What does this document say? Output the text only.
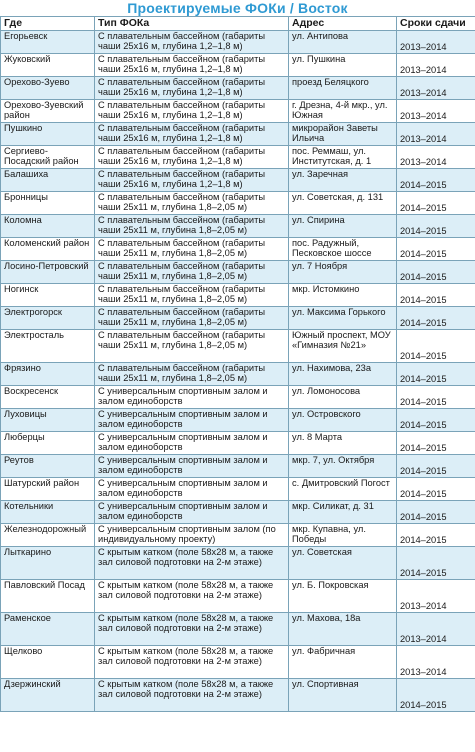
Проектируемые ФОКи / Восток
Где	Тип ФОКа	Адрес	Сроки сдачи
Егорьевск	С плавательным бассейном (габариты чаши 25х16 м, глубина 1,2–1,8 м)	ул. Антипова	2013–2014
Жуковский	С плавательным бассейном (габариты чаши 25х16 м, глубина 1,2–1,8 м)	ул. Пушкина	2013–2014
Орехово-Зуево	С плавательным бассейном (габариты чаши 25х16 м, глубина 1,2–1,8 м)	проезд Беляцкого	2013–2014
Орехово-Зуевский район	С плавательным бассейном (габариты чаши 25х16 м, глубина 1,2–1,8 м)	г. Дрезна, 4-й мкр., ул. Южная	2013–2014
Пушкино	С плавательным бассейном (габариты чаши 25х16 м, глубина 1,2–1,8 м)	микрорайон Заветы Ильича	2013–2014
Сергиево-Посадский район	С плавательным бассейном (габариты чаши 25х16 м, глубина 1,2–1,8 м)	пос. Реммаш, ул. Институтская, д. 1	2013–2014
Балашиха	С плавательным бассейном (габариты чаши 25х16 м, глубина 1,2–1,8 м)	ул. Заречная	2014–2015
Бронницы	С плавательным бассейном (габариты чаши 25х11 м, глубина 1,8–2,05 м)	ул. Советская, д. 131	2014–2015
Коломна	С плавательным бассейном (габариты чаши 25х11 м, глубина 1,8–2,05 м)	ул. Спирина	2014–2015
Коломенский район	С плавательным бассейном (габариты чаши 25х11 м, глубина 1,8–2,05 м)	пос. Радужный, Песковское шоссе	2014–2015
Лосино-Петровский	С плавательным бассейном (габариты чаши 25х11 м, глубина 1,8–2,05 м)	ул. 7 Ноября	2014–2015
Ногинск	С плавательным бассейном (габариты чаши 25х11 м, глубина 1,8–2,05 м)	мкр. Истомкино	2014–2015
Электрогорск	С плавательным бассейном (габариты чаши 25х11 м, глубина 1,8–2,05 м)	ул. Максима Горького	2014–2015
Электросталь	С плавательным бассейном (габариты чаши 25х11 м, глубина 1,8–2,05 м)	Южный проспект, МОУ «Гимназия №21»	2014–2015
Фрязино	С плавательным бассейном (габариты чаши 25х11 м, глубина 1,8–2,05 м)	ул. Нахимова, 23а	2014–2015
Воскресенск	С универсальным спортивным залом и залом единоборств	ул. Ломоносова	2014–2015
Луховицы	С универсальным спортивным залом и залом единоборств	ул. Островского	2014–2015
Люберцы	С универсальным спортивным залом и залом единоборств	ул. 8 Марта	2014–2015
Реутов	С универсальным спортивным залом и залом единоборств	мкр. 7, ул. Октября	2014–2015
Шатурский район	С универсальным спортивным залом и залом единоборств	с. Дмитровский Погост	2014–2015
Котельники	С универсальным спортивным залом и залом единоборств	мкр. Силикат, д. 31	2014–2015
Железнодорожный	С универсальным спортивным залом (по индивидуальному проекту)	мкр. Купавна, ул. Победы	2014–2015
Лыткарино	С крытым катком (поле 58х28 м, а также зал силовой подготовки на 2-м этаже)	ул. Советская	2014–2015
Павловский Посад	С крытым катком (поле 58х28 м, а также зал силовой подготовки на 2-м этаже)	ул. Б. Покровская	2013–2014
Раменское	С крытым катком (поле 58х28 м, а также зал силовой подготовки на 2-м этаже)	ул. Махова, 18а	2013–2014
Щелково	С крытым катком (поле 58х28 м, а также зал силовой подготовки на 2-м этаже)	ул. Фабричная	2013–2014
Дзержинский	С крытым катком (поле 58х28 м, а также зал силовой подготовки на 2-м этаже)	ул. Спортивная	2014–2015
